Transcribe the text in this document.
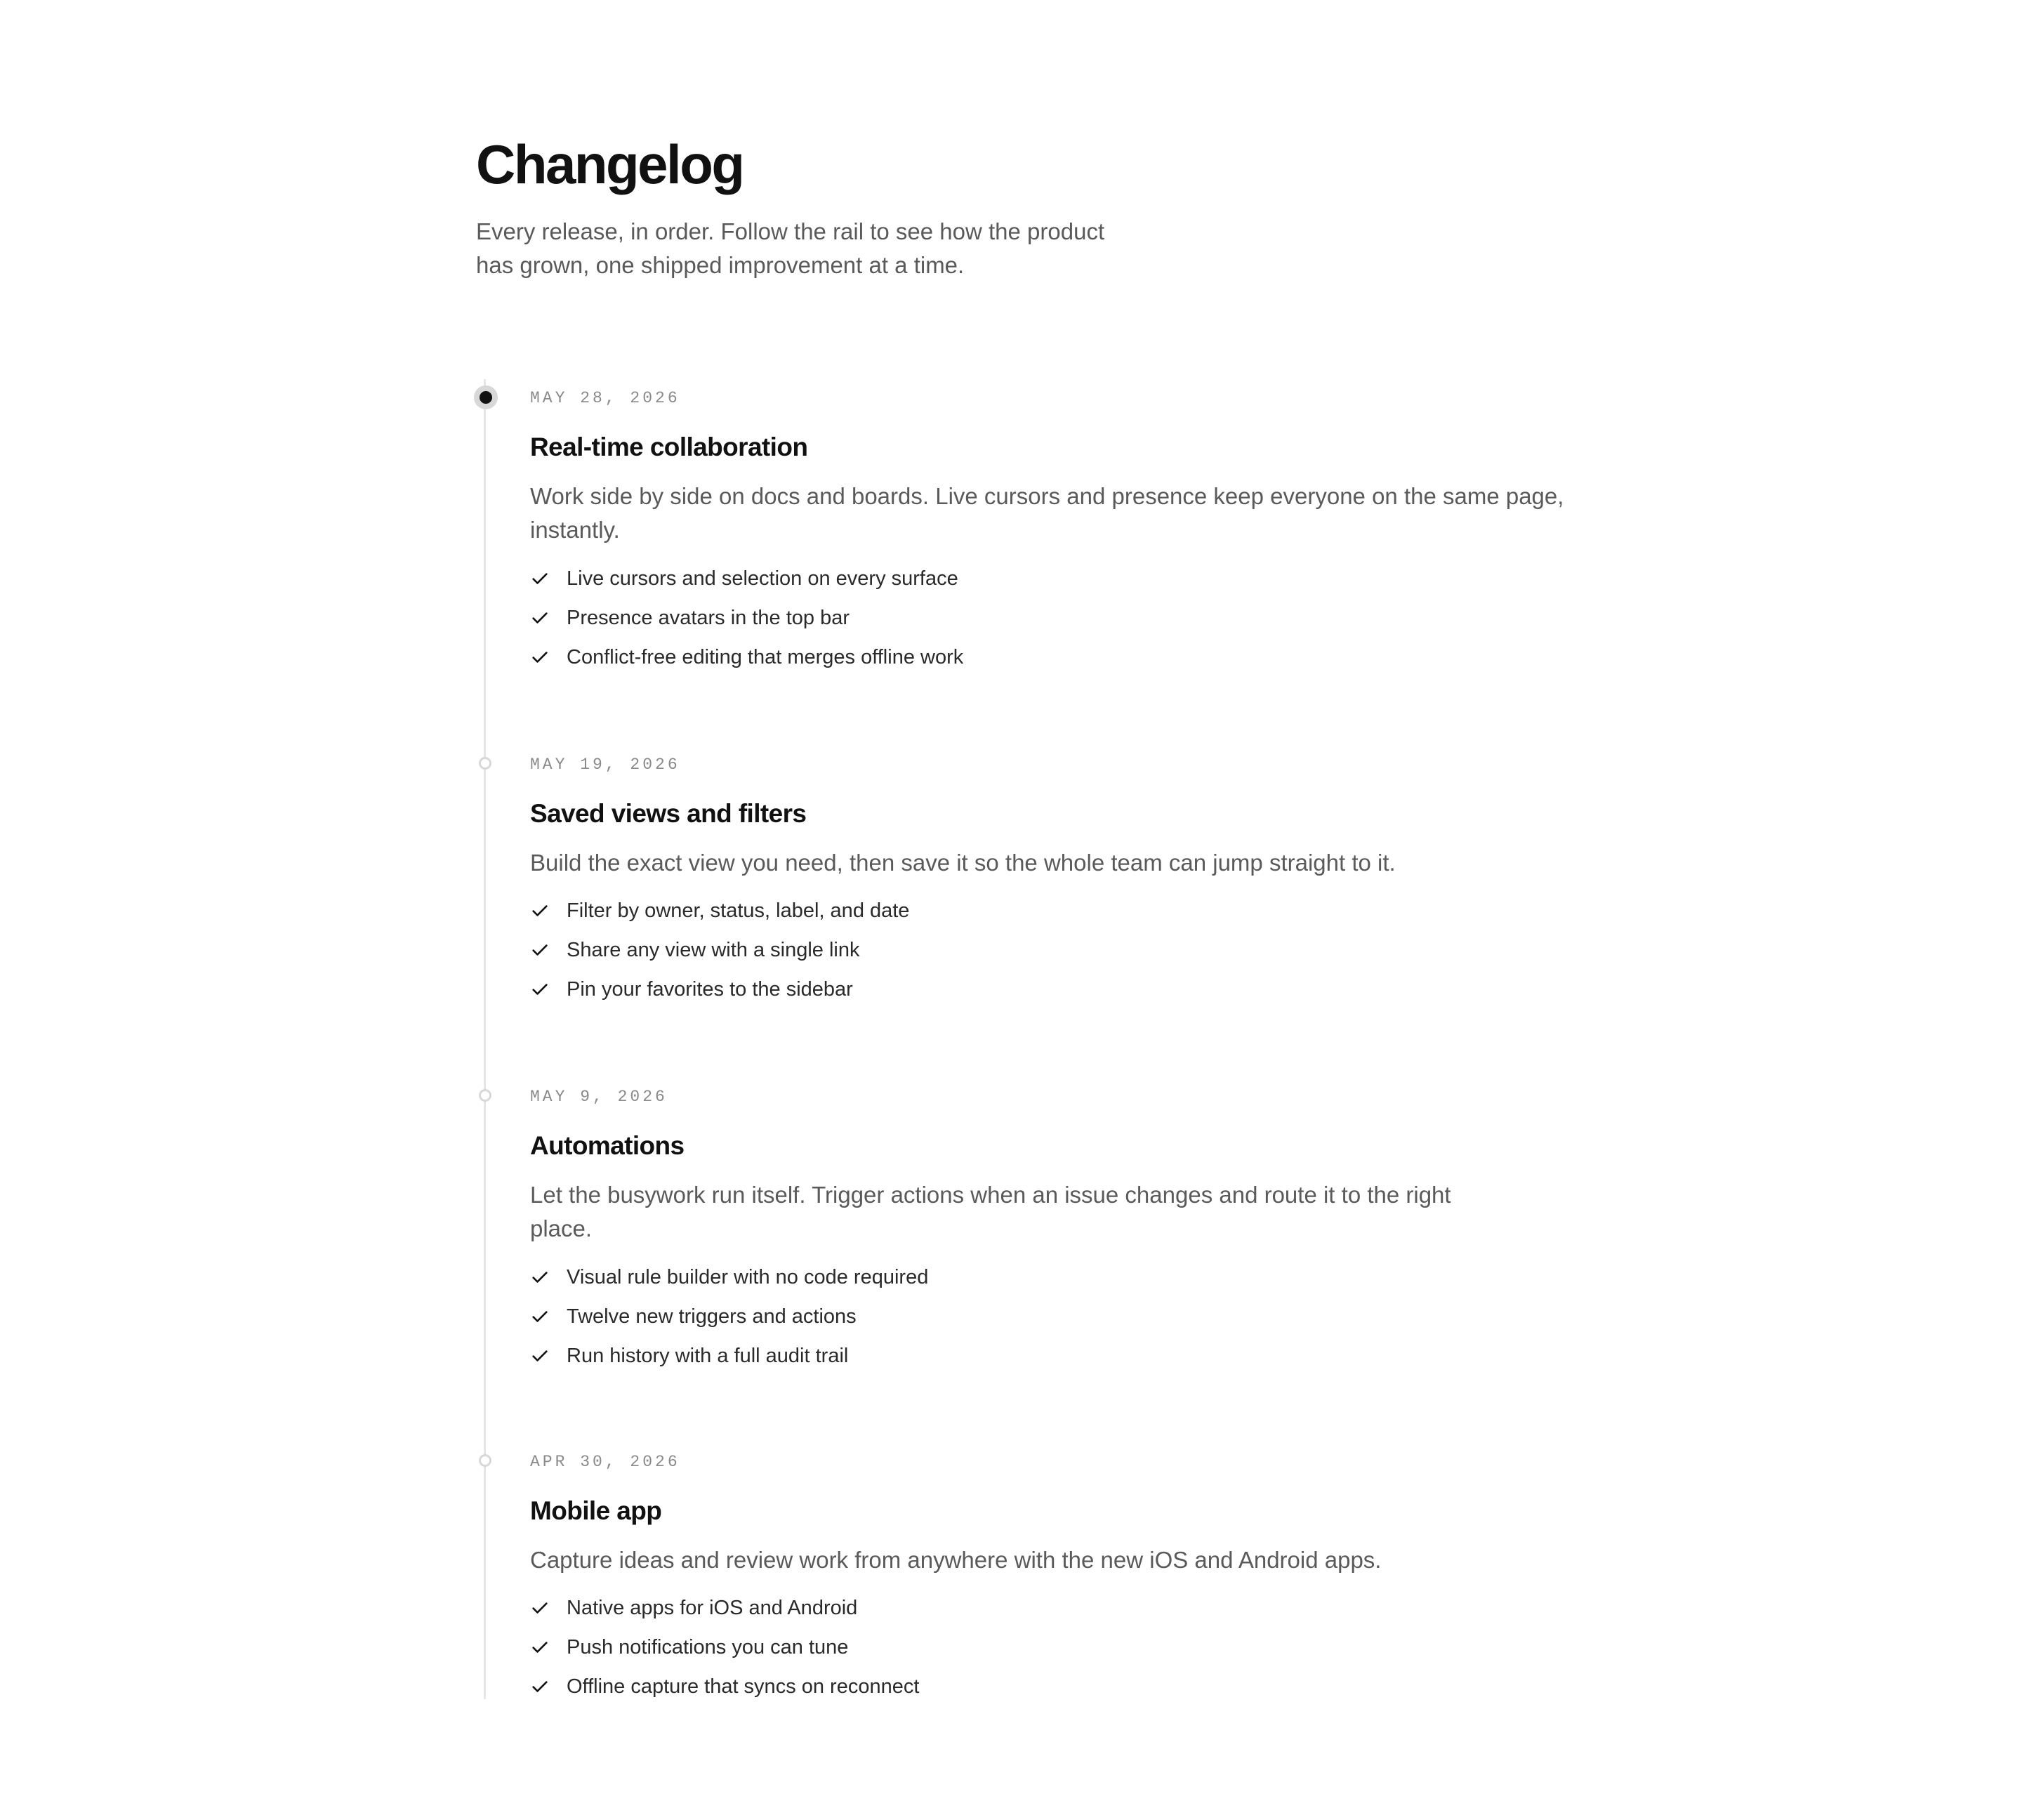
Changelog

Every release, in order. Follow the rail to see how the product has grown, one shipped improvement at a time.

MAY 28, 2026
Real-time collaboration

Work side by side on docs and boards. Live cursors and presence keep everyone on the same page, instantly.

Live cursors and selection on every surface
Presence avatars in the top bar
Conflict-free editing that merges offline work
MAY 19, 2026
Saved views and filters

Build the exact view you need, then save it so the whole team can jump straight to it.

Filter by owner, status, label, and date
Share any view with a single link
Pin your favorites to the sidebar
MAY 9, 2026
Automations

Let the busywork run itself. Trigger actions when an issue changes and route it to the right place.

Visual rule builder with no code required
Twelve new triggers and actions
Run history with a full audit trail
APR 30, 2026
Mobile app

Capture ideas and review work from anywhere with the new iOS and Android apps.

Native apps for iOS and Android
Push notifications you can tune
Offline capture that syncs on reconnect
